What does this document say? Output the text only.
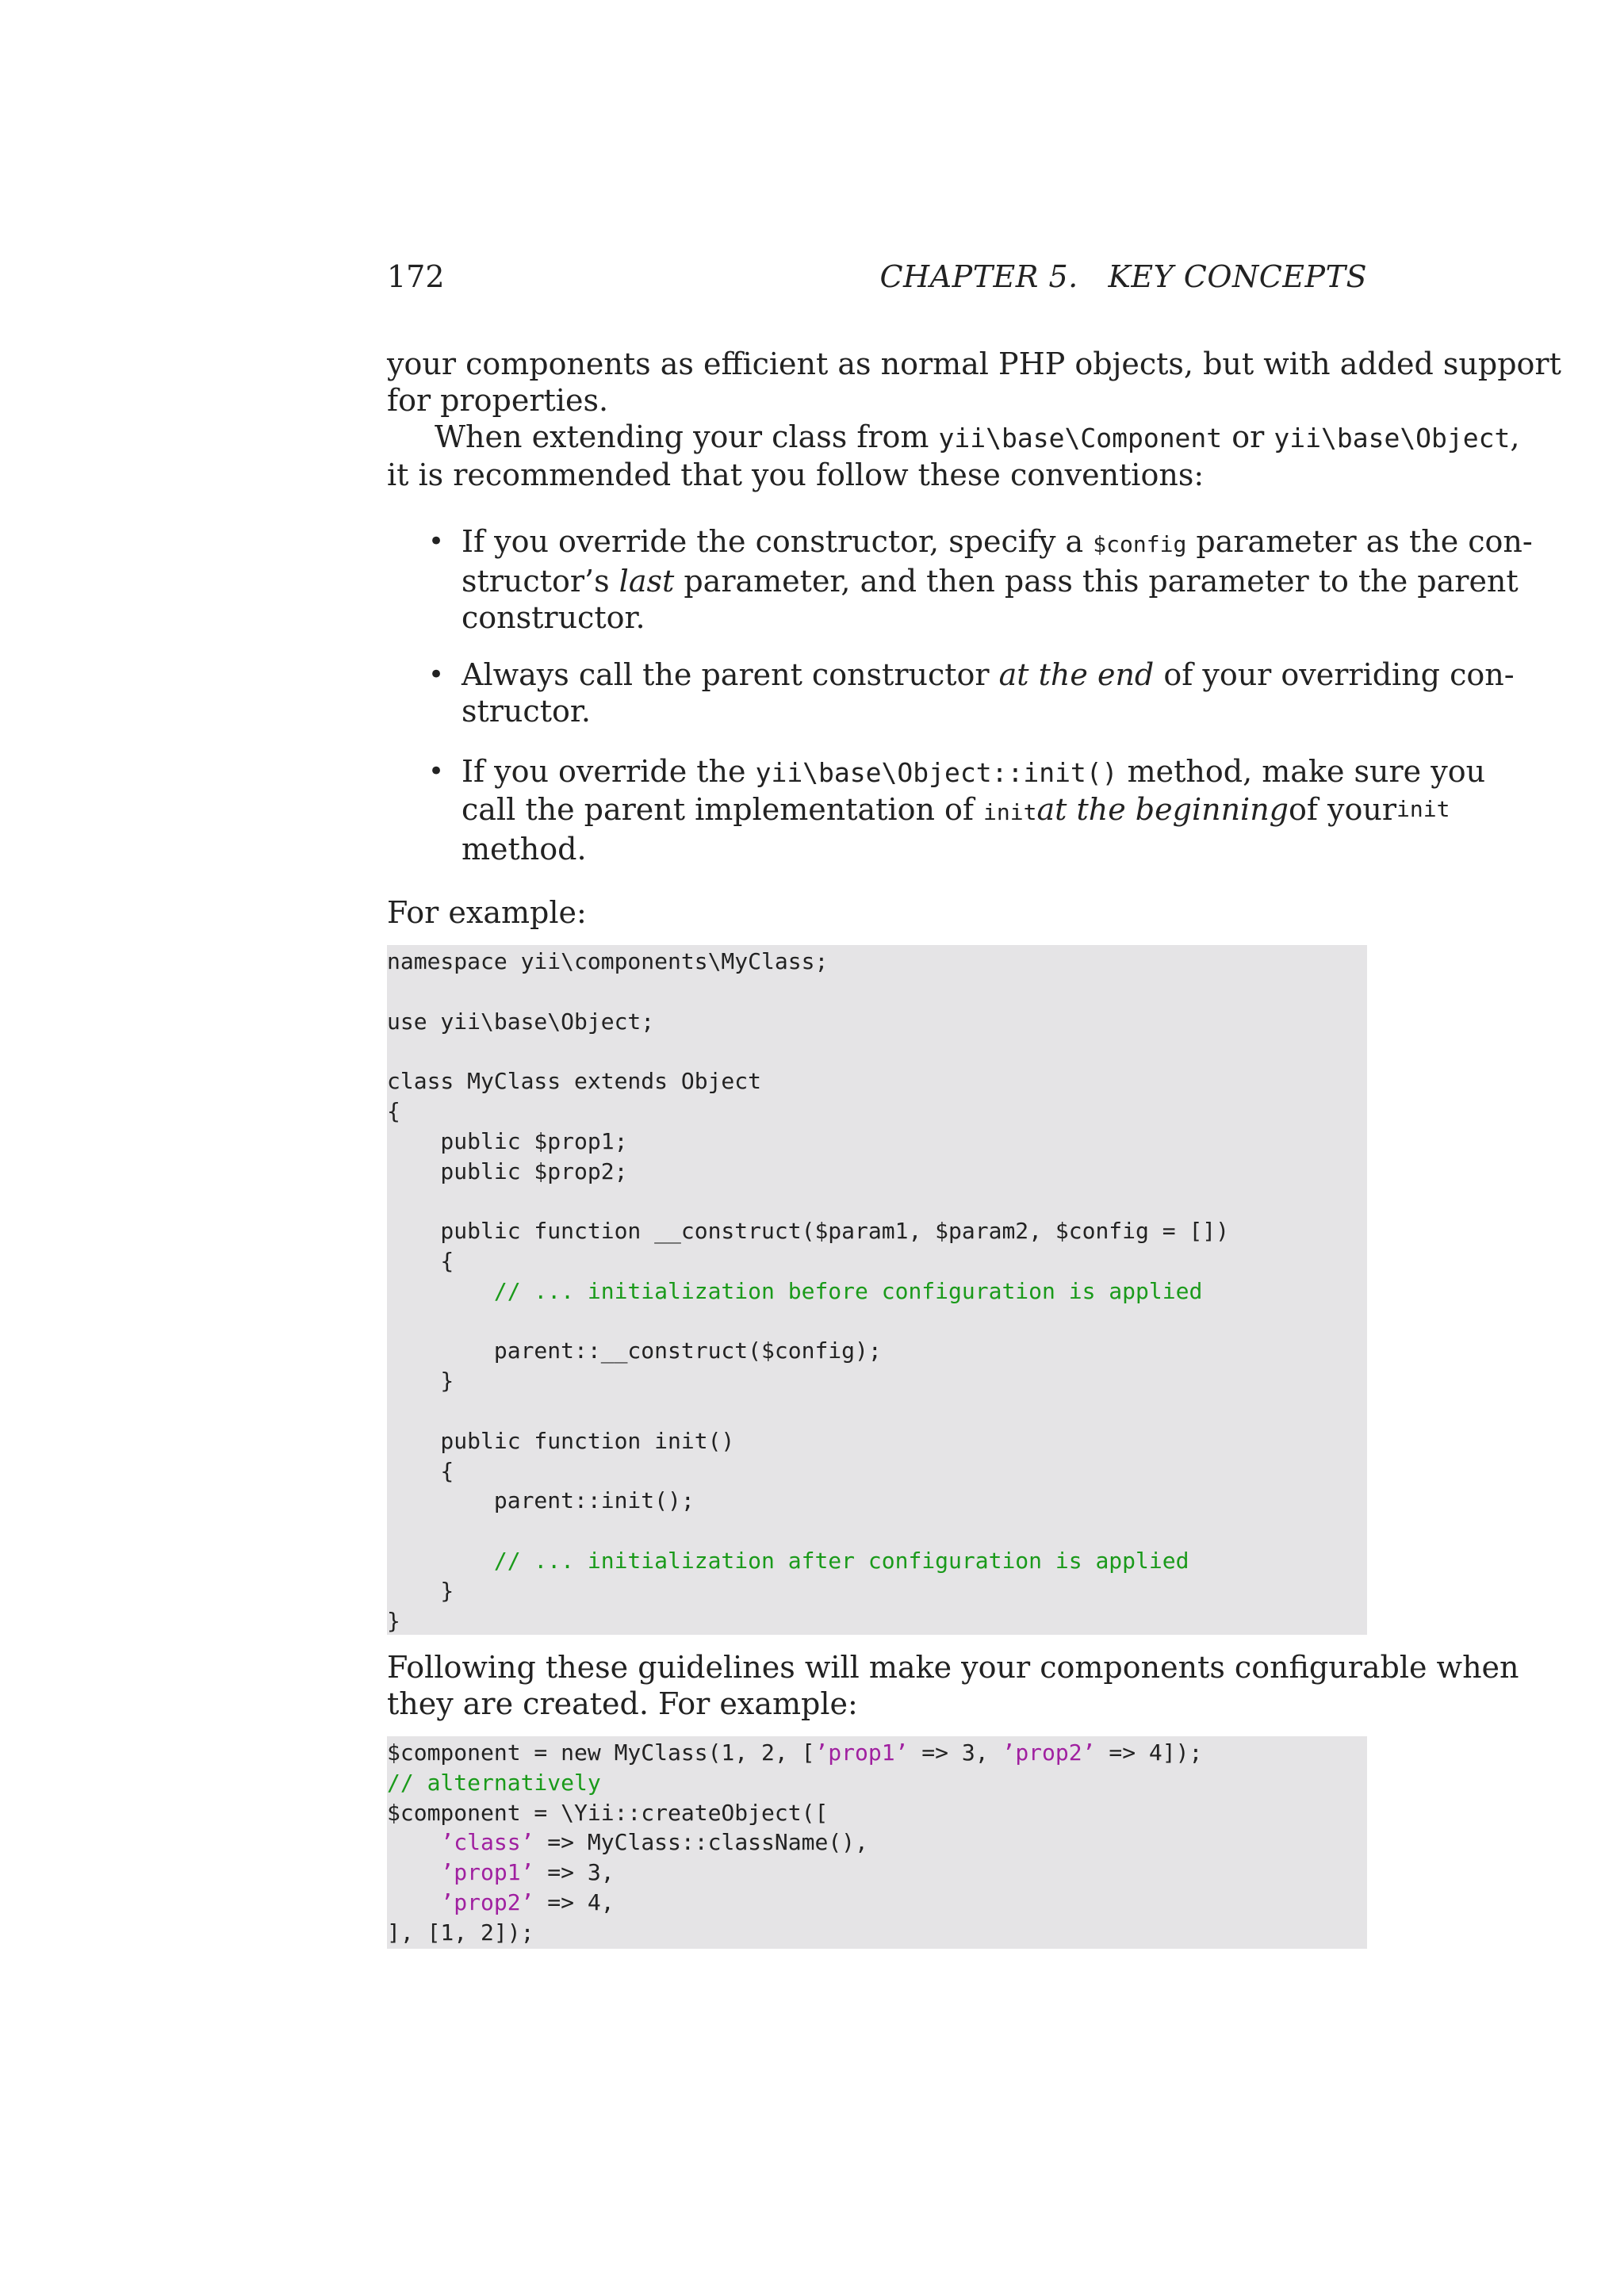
172	CHAPTER 5.   KEY CONCEPTS
your components as efficient as normal PHP objects, but with added support
for properties.
When extending your class from yii\base\Component or yii\base\Object,
it is recommended that you follow these conventions:
• If you override the constructor, specify a $config parameter as the con-
structor’s last parameter, and then pass this parameter to the parent
constructor.
• Always call the parent constructor at the end of your overriding con-
structor.
• If you override the yii\base\Object::init() method, make sure you
call the parent implementation of init at the beginning of your init
method.
For example:
namespace yii\components\MyClass;
use yii\base\Object;
class MyClass extends Object
{
public $prop1;
public $prop2;
public function __construct($param1, $param2, $config = [])
{
// ... initialization before configuration is applied
parent::__construct($config);
}
public function init()
{
parent::init();
// ... initialization after configuration is applied
}
}
Following these guidelines will make your components configurable when
they are created. For example:
$component = new MyClass(1, 2, [’prop1’ => 3, ’prop2’ => 4]);
// alternatively
$component = \Yii::createObject([
’class’ => MyClass::className(),
’prop1’ => 3,
’prop2’ => 4,
], [1, 2]);
